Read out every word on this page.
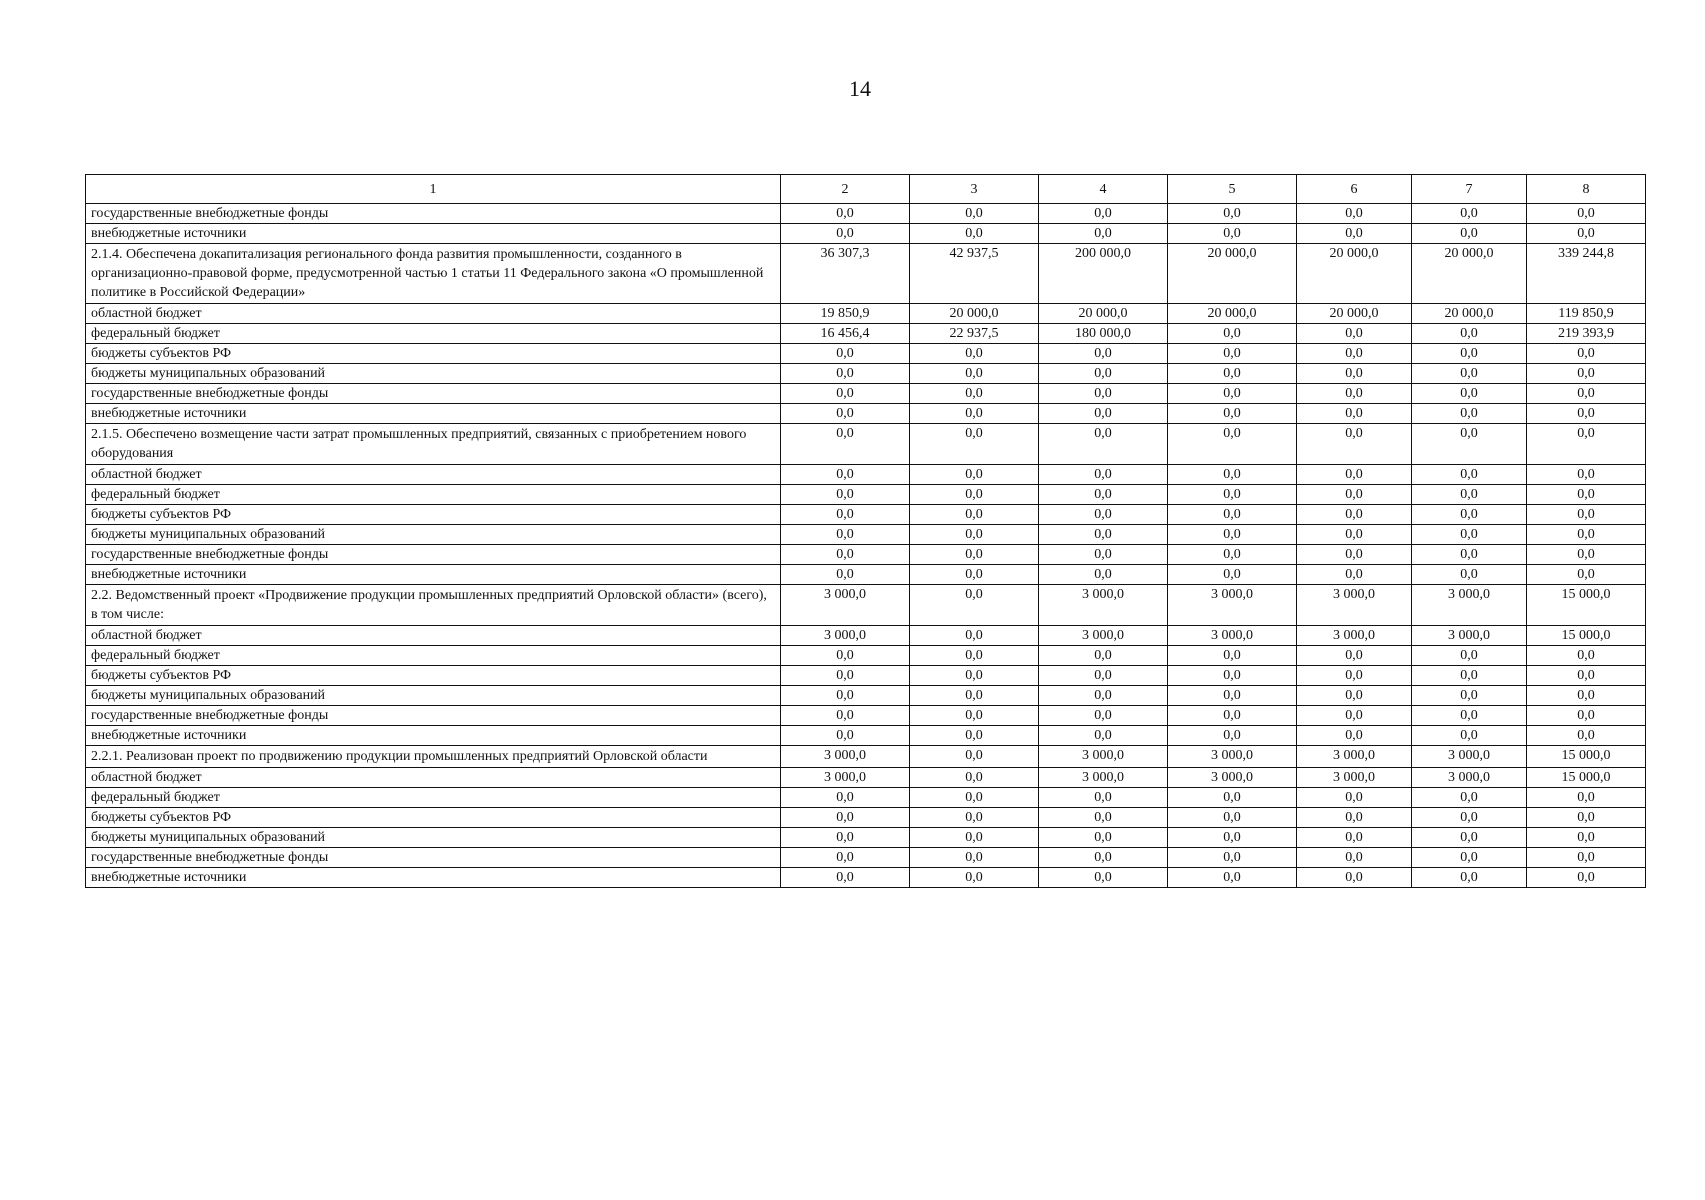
14
1	2	3	4	5	6	7	8
государственные внебюджетные фонды	0,0	0,0	0,0	0,0	0,0	0,0	0,0
внебюджетные источники	0,0	0,0	0,0	0,0	0,0	0,0	0,0
2.1.4. Обеспечена докапитализация регионального фонда развития промышленности, созданного в организационно-правовой форме, предусмотренной частью 1 статьи 11 Федерального закона «О промышленной политике в Российской Федерации»	36 307,3	42 937,5	200 000,0	20 000,0	20 000,0	20 000,0	339 244,8
областной бюджет	19 850,9	20 000,0	20 000,0	20 000,0	20 000,0	20 000,0	119 850,9
федеральный бюджет	16 456,4	22 937,5	180 000,0	0,0	0,0	0,0	219 393,9
бюджеты субъектов РФ	0,0	0,0	0,0	0,0	0,0	0,0	0,0
бюджеты муниципальных образований	0,0	0,0	0,0	0,0	0,0	0,0	0,0
государственные внебюджетные фонды	0,0	0,0	0,0	0,0	0,0	0,0	0,0
внебюджетные источники	0,0	0,0	0,0	0,0	0,0	0,0	0,0
2.1.5. Обеспечено возмещение части затрат промышленных предприятий, связанных с приобретением нового оборудования	0,0	0,0	0,0	0,0	0,0	0,0	0,0
областной бюджет	0,0	0,0	0,0	0,0	0,0	0,0	0,0
федеральный бюджет	0,0	0,0	0,0	0,0	0,0	0,0	0,0
бюджеты субъектов РФ	0,0	0,0	0,0	0,0	0,0	0,0	0,0
бюджеты муниципальных образований	0,0	0,0	0,0	0,0	0,0	0,0	0,0
государственные внебюджетные фонды	0,0	0,0	0,0	0,0	0,0	0,0	0,0
внебюджетные источники	0,0	0,0	0,0	0,0	0,0	0,0	0,0
2.2. Ведомственный проект «Продвижение продукции промышленных предприятий Орловской области» (всего), в том числе:	3 000,0	0,0	3 000,0	3 000,0	3 000,0	3 000,0	15 000,0
областной бюджет	3 000,0	0,0	3 000,0	3 000,0	3 000,0	3 000,0	15 000,0
федеральный бюджет	0,0	0,0	0,0	0,0	0,0	0,0	0,0
бюджеты субъектов РФ	0,0	0,0	0,0	0,0	0,0	0,0	0,0
бюджеты муниципальных образований	0,0	0,0	0,0	0,0	0,0	0,0	0,0
государственные внебюджетные фонды	0,0	0,0	0,0	0,0	0,0	0,0	0,0
внебюджетные источники	0,0	0,0	0,0	0,0	0,0	0,0	0,0
2.2.1. Реализован проект по продвижению продукции промышленных предприятий Орловской области	3 000,0	0,0	3 000,0	3 000,0	3 000,0	3 000,0	15 000,0
областной бюджет	3 000,0	0,0	3 000,0	3 000,0	3 000,0	3 000,0	15 000,0
федеральный бюджет	0,0	0,0	0,0	0,0	0,0	0,0	0,0
бюджеты субъектов РФ	0,0	0,0	0,0	0,0	0,0	0,0	0,0
бюджеты муниципальных образований	0,0	0,0	0,0	0,0	0,0	0,0	0,0
государственные внебюджетные фонды	0,0	0,0	0,0	0,0	0,0	0,0	0,0
внебюджетные источники	0,0	0,0	0,0	0,0	0,0	0,0	0,0
